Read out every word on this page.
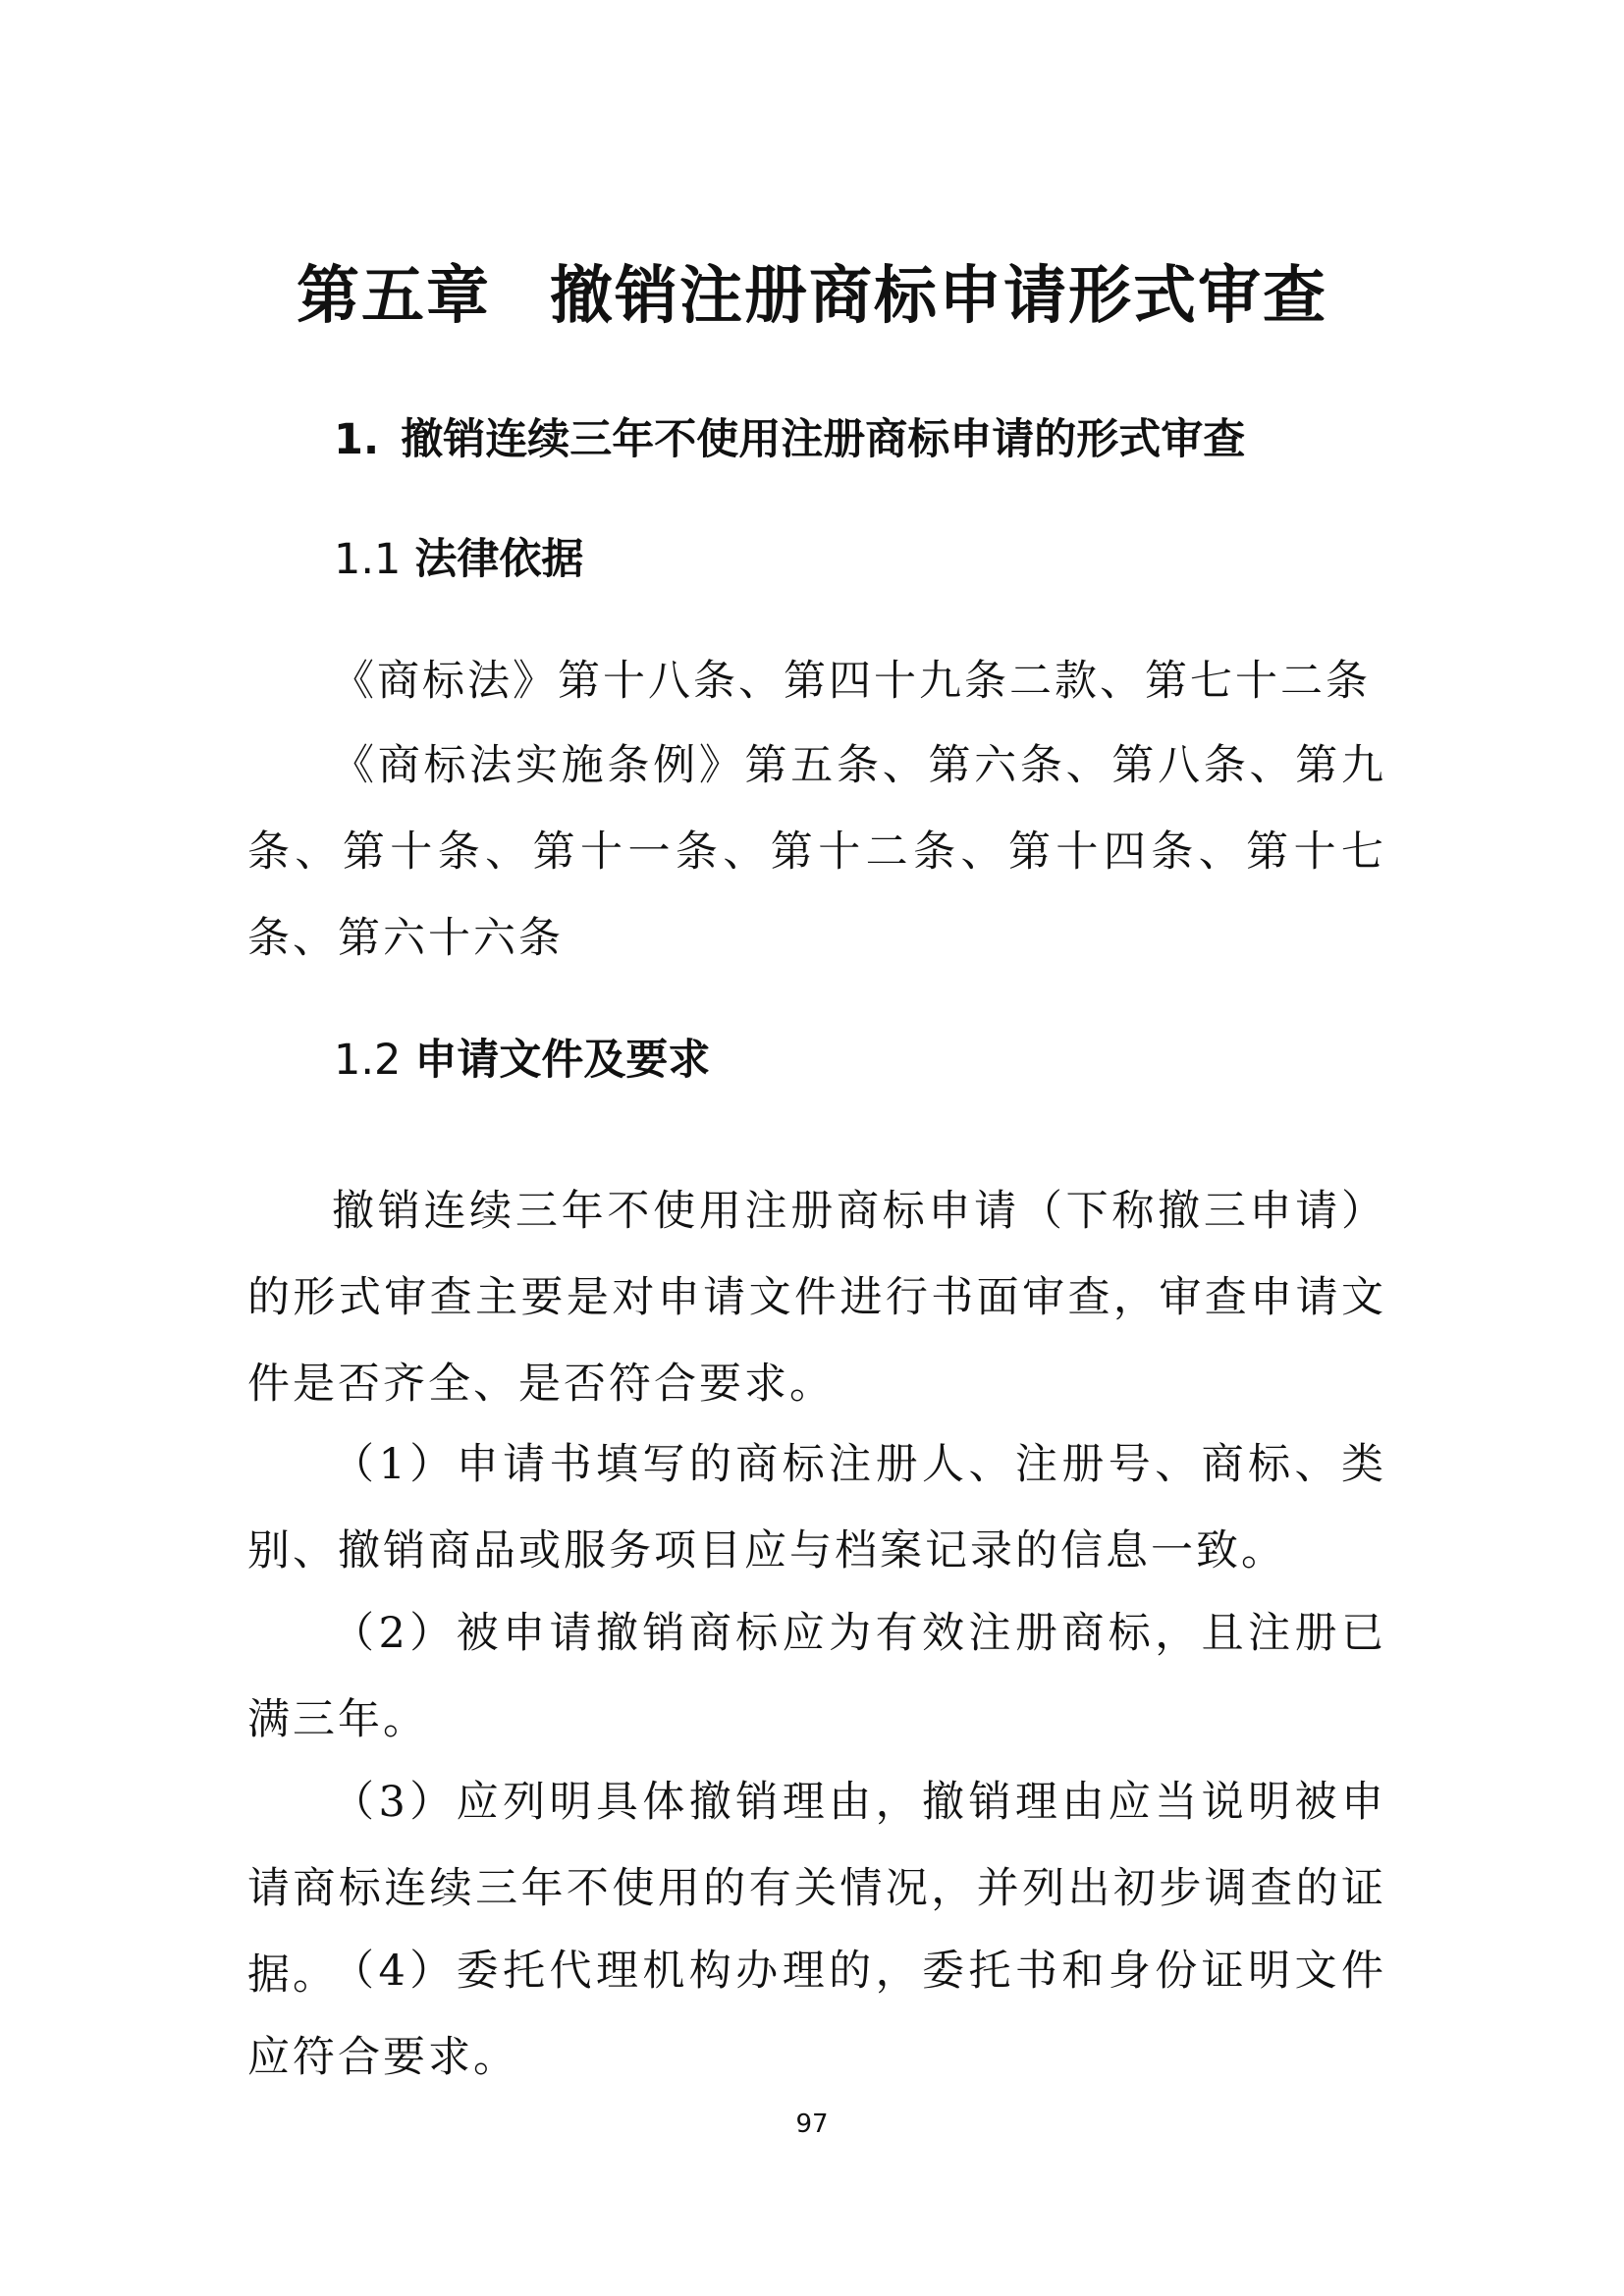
第五章 撤销注册商标申请形式审查
1. 撤销连续三年不使用注册商标申请的形式审查
1.1 法律依据

《商标法》第十八条、第四十九条二款、第七十二条

《商标法实施条例》第五条、第六条、第八条、第九条、第十条、第十一条、第十二条、第十四条、第十七条、第六十六条

1.2 申请文件及要求

撤销连续三年不使用注册商标申请（下称撤三申请）的形式审查主要是对申请文件进行书面审查，审查申请文件是否齐全、是否符合要求。

（1）申请书填写的商标注册人、注册号、商标、类别、撤销商品或服务项目应与档案记录的信息一致。

（2）被申请撤销商标应为有效注册商标，且注册已满三年。

（3）应列明具体撤销理由，撤销理由应当说明被申请商标连续三年不使用的有关情况，并列出初步调查的证据。

（4）委托代理机构办理的，委托书和身份证明文件应符合要求。

97
